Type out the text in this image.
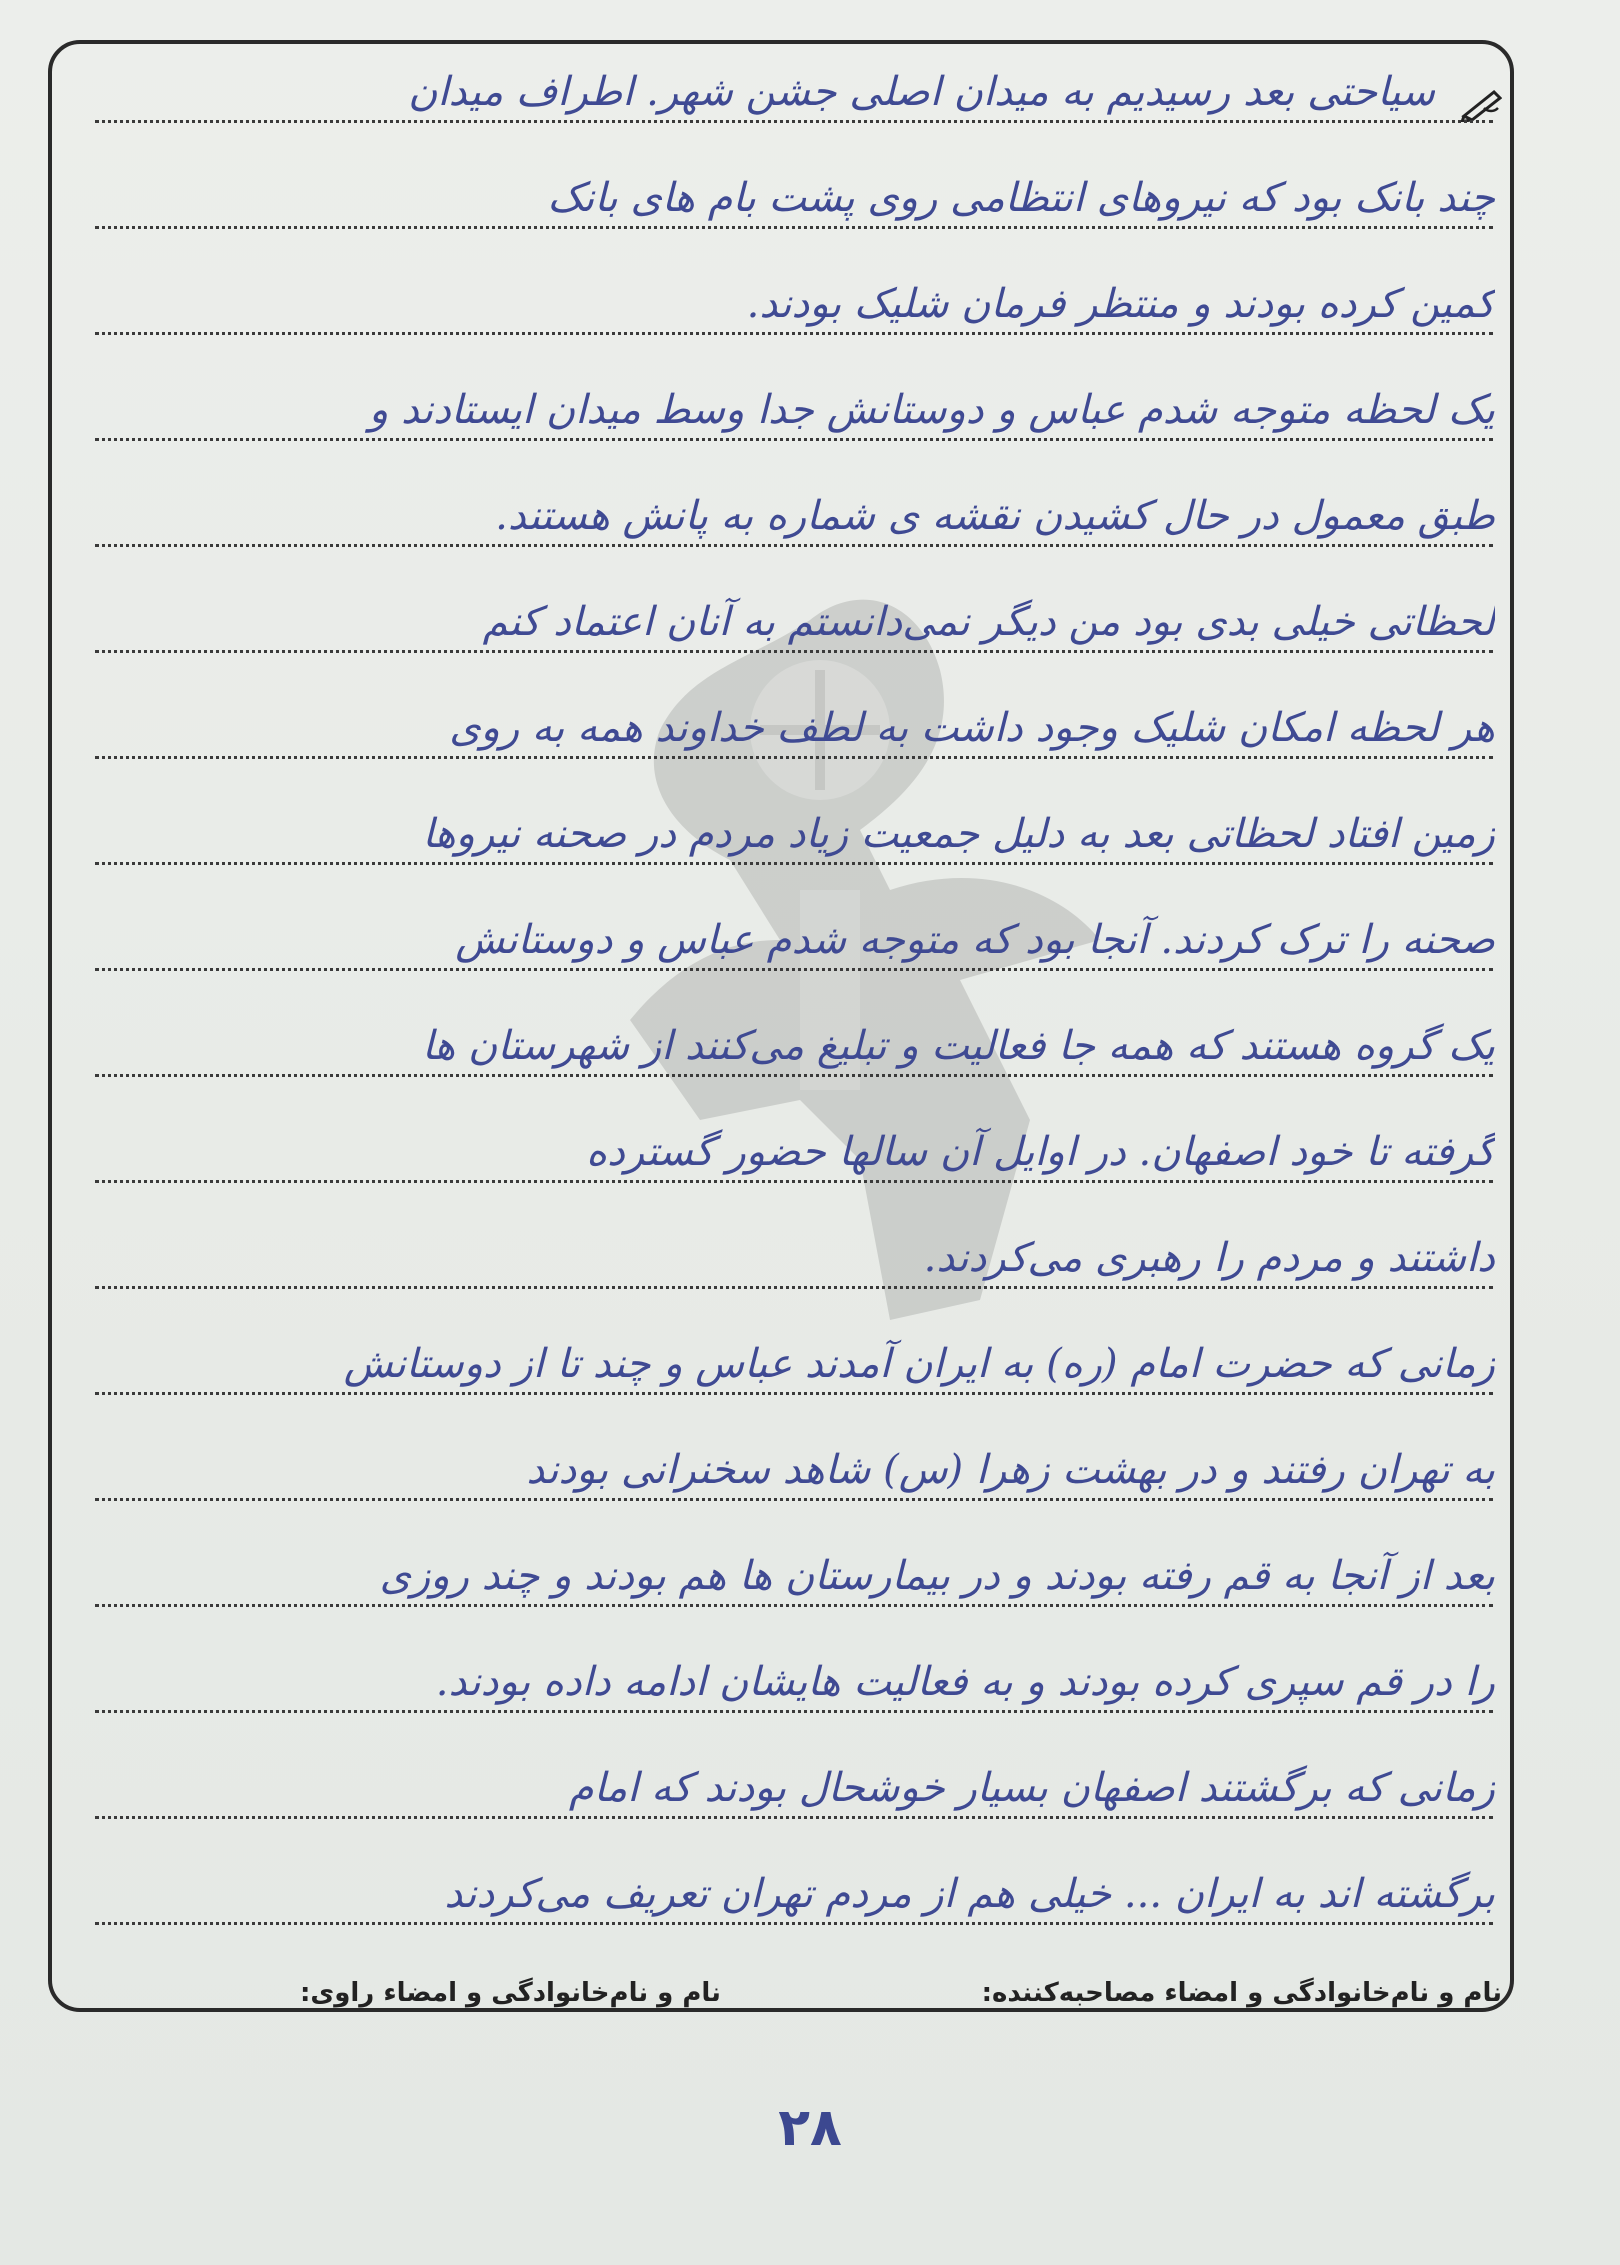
سیاحتی بعد رسیدیم به میدان اصلی جشن شهر. اطراف میدان
چند بانک بود که نیروهای انتظامی روی پشت بام های بانک
کمین کرده بودند و منتظر فرمان شلیک بودند.
یک لحظه متوجه شدم عباس و دوستانش جدا وسط میدان ایستادند و
طبق معمول در حال کشیدن نقشه ی شماره به پانش هستند.
لحظاتی خیلی بدی بود من دیگر نمی‌دانستم به آنان اعتماد کنم
هر لحظه امکان شلیک وجود داشت به لطف خداوند همه به روی
زمین افتاد لحظاتی بعد به دلیل جمعیت زیاد مردم در صحنه نیروها
صحنه را ترک کردند. آنجا بود که متوجه شدم عباس و دوستانش
یک گروه هستند که همه جا فعالیت و تبلیغ می‌کنند از شهرستان ها
گرفته تا خود اصفهان. در اوایل آن سالها حضور گسترده
داشتند و مردم را رهبری می‌کردند.
زمانی که حضرت امام (ره) به ایران آمدند عباس و چند تا از دوستانش
به تهران رفتند و در بهشت زهرا (س) شاهد سخنرانی بودند
بعد از آنجا به قم رفته بودند و در بیمارستان ها هم بودند و چند روزی
را در قم سپری کرده بودند و به فعالیت هایشان ادامه داده بودند.
زمانی که برگشتند اصفهان بسیار خوشحال بودند که امام
برگشته اند به ایران ... خیلی هم از مردم تهران تعریف می‌کردند
نام و نام‌خانوادگی و امضاء مصاحبه‌کننده:
نام و نام‌خانوادگی و امضاء راوی:
۲۸
